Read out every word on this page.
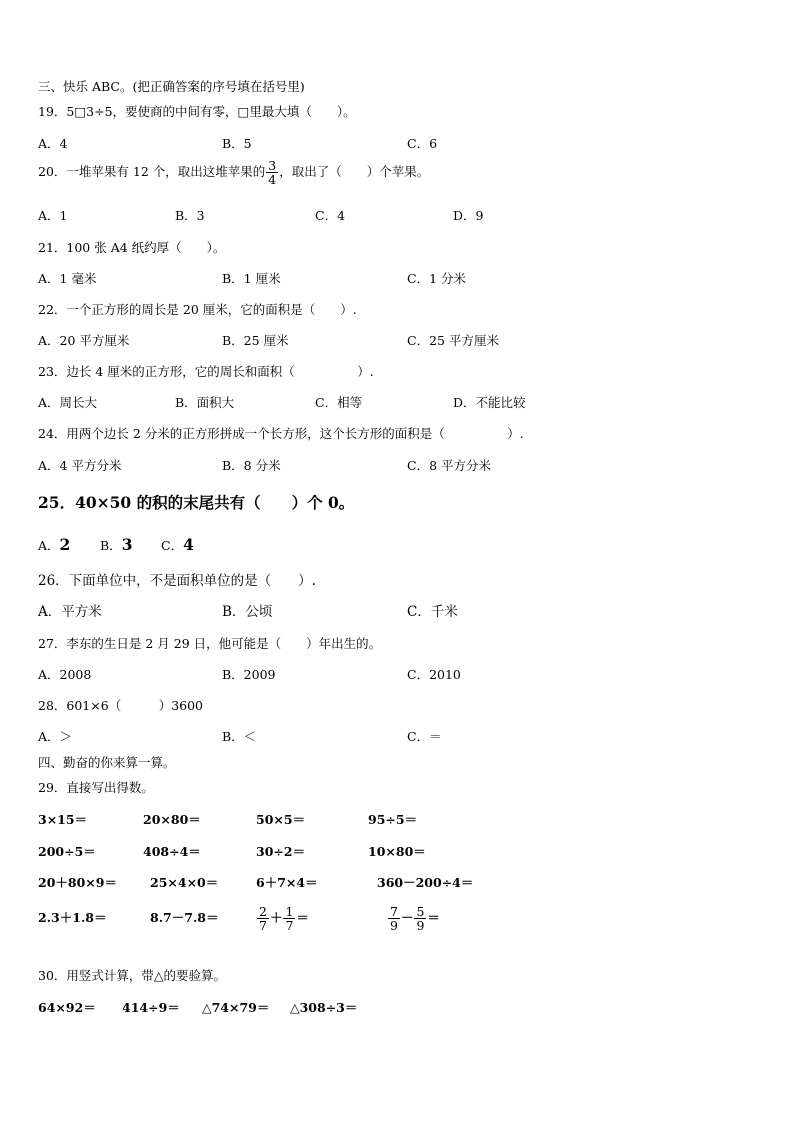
三、快乐 ABC。(把正确答案的序号填在括号里)
19．5□3÷5，要使商的中间有零，□里最大填（　　）。
A．4	B．5	C．6
20．一堆苹果有 12 个，取出这堆苹果的 $\frac{3}{4}$ ，取出了（　　）个苹果。
A．1	B．3	C．4	D．9
21．100 张 A4 纸约厚（　　）。
A．1 毫米	B．1 厘米	C．1 分米
22．一个正方形的周长是 20 厘米，它的面积是（　　）.
A．20 平方厘米	B．25 厘米	C．25 平方厘米
23．边长 4 厘米的正方形，它的周长和面积（　　　　　）.
A．周长大	B．面积大	C．相等	D．不能比较
24．用两个边长 2 分米的正方形拼成一个长方形，这个长方形的面积是（　　　　　）.
A．4 平方分米	B．8 分米	C．8 平方分米
25．40×50 的积的末尾共有（　　）个 0。
A．2 B．3 C．4
26．下面单位中，不是面积单位的是（　　）.
A．平方米	B．公顷	C．千米
27．李东的生日是 2 月 29 日，他可能是（　　）年出生的。
A．2008	B．2009	C．2010
28．601×6（　　　）3600
A．＞	B．＜	C．＝
四、勤奋的你来算一算。
29．直接写出得数。
3×15＝	20×80＝	50×5＝	95÷5＝
200÷5＝	408÷4＝	30÷2＝	10×80＝
20＋80×9＝	25×4×0＝	6＋7×4＝	360－200÷4＝
2.3＋1.8＝	8.7－7.8＝	$\frac{2}{7} + \frac{1}{7}$ ＝	$\frac{7}{9} - \frac{5}{9}$ ＝
30．用竖式计算，带△的要验算。
64×92＝ 414÷9＝ △74×79＝ △308÷3＝
